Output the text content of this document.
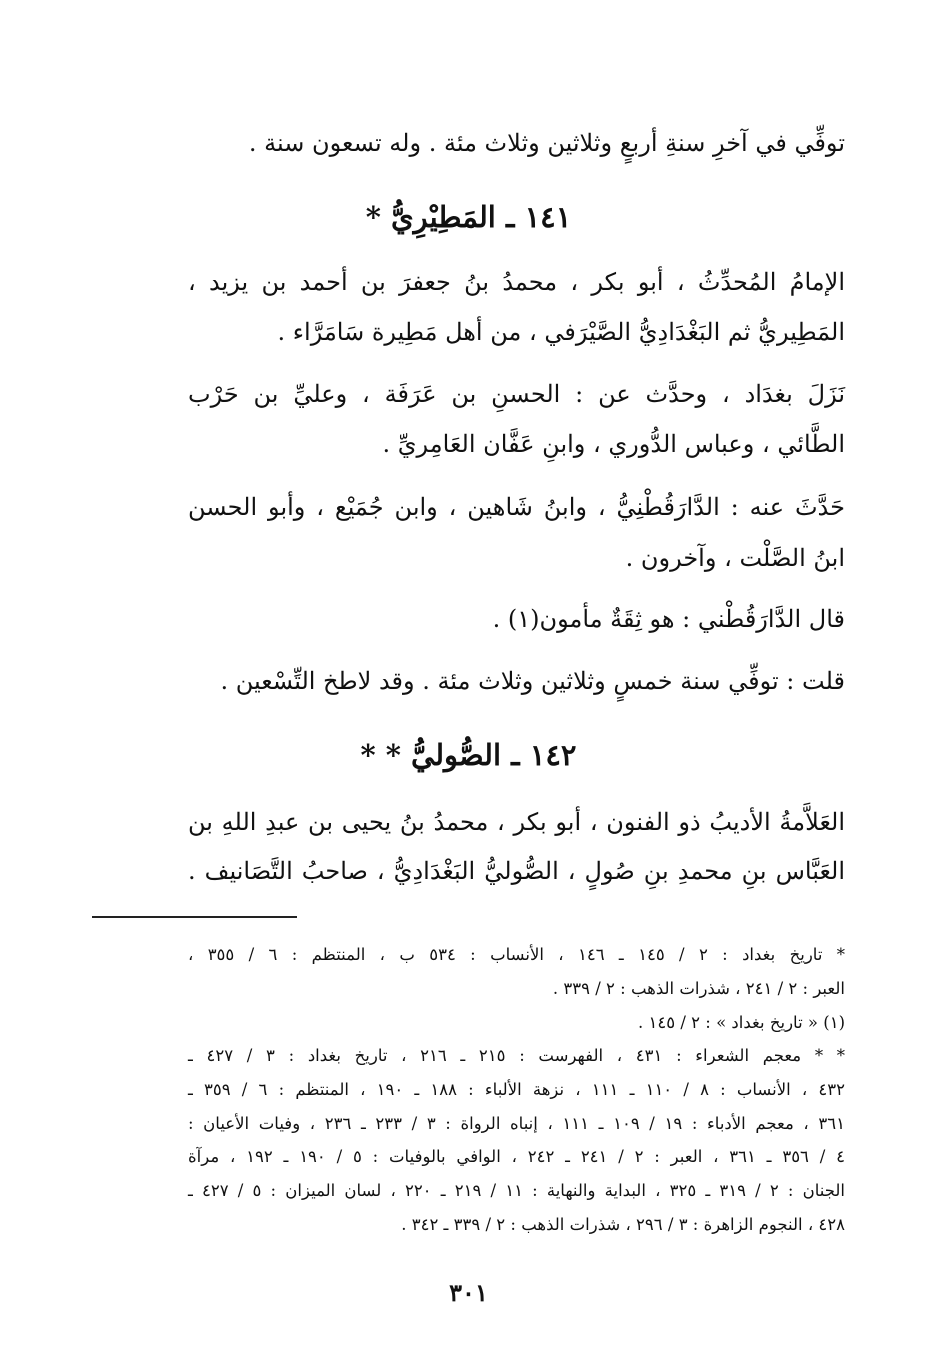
توفِّي في آخرِ سنةِ أربعٍ وثلاثين وثلاث مئة . وله تسعون سنة .
١٤١ ـ المَطِيْرِيُّ *
الإمامُ المُحدِّثُ ، أبو بكر ، محمدُ بنُ جعفرَ بن أحمد بن يزيد ،
المَطِيريُّ ثم البَغْدَادِيُّ الصَّيْرَفي ، من أهل مَطِيرة سَامَرَّاء .
نَزَلَ بغدَاد ، وحدَّث عن : الحسنِ بن عَرَفَة ، وعليِّ بن حَرْب
الطَّائي ، وعباس الدُّوري ، وابنِ عَفَّان العَامِريِّ .
حَدَّثَ عنه : الدَّارَقُطْنِيُّ ، وابنُ شَاهين ، وابن جُمَيْع ، وأبو الحسن
ابنُ الصَّلْت ، وآخرون .
قال الدَّارَقُطْني : هو ثِقَةٌ مأمون(١) .
قلت : توفِّي سنة خمسٍ وثلاثين وثلاث مئة . وقد لاطخ التِّسْعين .
١٤٢ ـ الصُّوليُّ * *
العَلاَّمةُ الأديبُ ذو الفنون ، أبو بكر ، محمدُ بنُ يحيى بن عبدِ اللهِ بن
العَبَّاس بنِ محمدِ بنِ صُولٍ ، الصُّوليُّ البَغْدَادِيُّ ، صاحبُ التَّصَانيف .
* تاريخ بغداد : ٢ / ١٤٥ ـ ١٤٦ ، الأنساب : ٥٣٤ ب ، المنتظم : ٦ / ٣٥٥ ،
العبر : ٢ / ٢٤١ ، شذرات الذهب : ٢ / ٣٣٩ .
(١) « تاريخ بغداد » : ٢ / ١٤٥ .
* * معجم الشعراء : ٤٣١ ، الفهرست : ٢١٥ ـ ٢١٦ ، تاريخ بغداد : ٣ / ٤٢٧ ـ
٤٣٢ ، الأنساب : ٨ / ١١٠ ـ ١١١ ، نزهة الألباء : ١٨٨ ـ ١٩٠ ، المنتظم : ٦ / ٣٥٩ ـ
٣٦١ ، معجم الأدباء : ١٩ / ١٠٩ ـ ١١١ ، إنباه الرواة : ٣ / ٢٣٣ ـ ٢٣٦ ، وفيات الأعيان :
٤ / ٣٥٦ ـ ٣٦١ ، العبر : ٢ / ٢٤١ ـ ٢٤٢ ، الوافي بالوفيات : ٥ / ١٩٠ ـ ١٩٢ ، مرآة
الجنان : ٢ / ٣١٩ ـ ٣٢٥ ، البداية والنهاية : ١١ / ٢١٩ ـ ٢٢٠ ، لسان الميزان : ٥ / ٤٢٧ ـ
٤٢٨ ، النجوم الزاهرة : ٣ / ٢٩٦ ، شذرات الذهب : ٢ / ٣٣٩ ـ ٣٤٢ .
٣٠١
